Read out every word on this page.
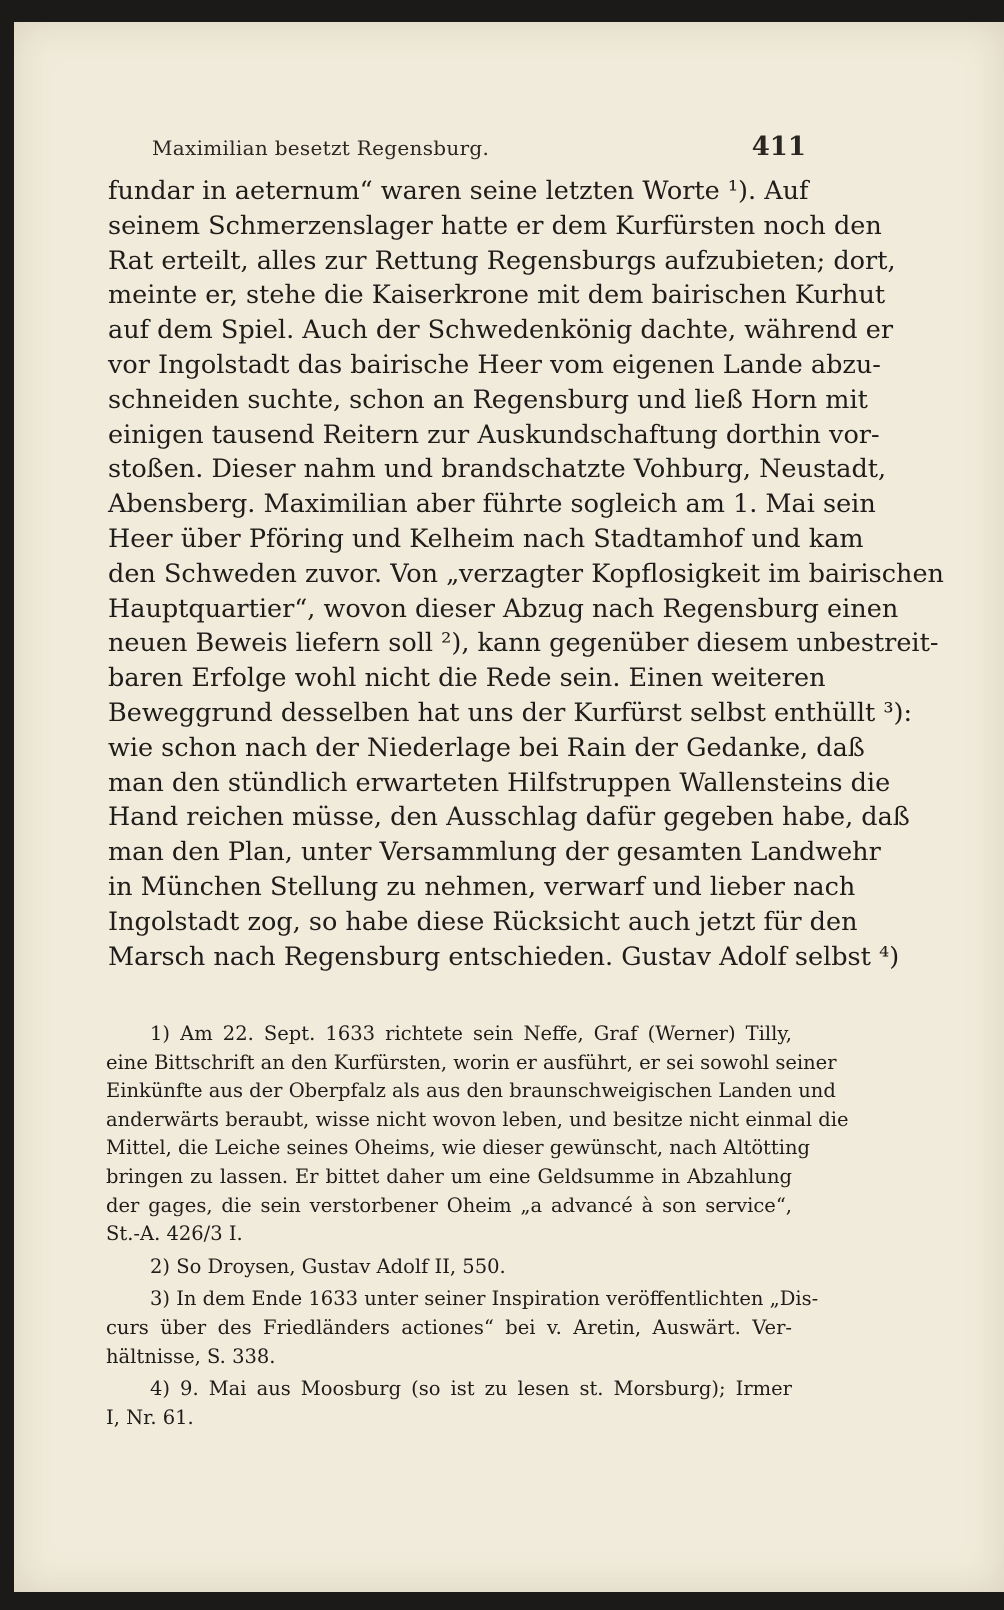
Maximilian besetzt Regensburg.	411
fundar in aeternum“ waren seine letzten Worte ¹). Auf
seinem Schmerzenslager hatte er dem Kurfürsten noch den
Rat erteilt, alles zur Rettung Regensburgs aufzubieten; dort,
meinte er, stehe die Kaiserkrone mit dem bairischen Kurhut
auf dem Spiel. Auch der Schwedenkönig dachte, während er
vor Ingolstadt das bairische Heer vom eigenen Lande abzu-
schneiden suchte, schon an Regensburg und ließ Horn mit
einigen tausend Reitern zur Auskundschaftung dorthin vor-
stoßen. Dieser nahm und brandschatzte Vohburg, Neustadt,
Abensberg. Maximilian aber führte sogleich am 1. Mai sein
Heer über Pföring und Kelheim nach Stadtamhof und kam
den Schweden zuvor. Von „verzagter Kopflosigkeit im bairischen
Hauptquartier“, wovon dieser Abzug nach Regensburg einen
neuen Beweis liefern soll ²), kann gegenüber diesem unbestreit-
baren Erfolge wohl nicht die Rede sein. Einen weiteren
Beweggrund desselben hat uns der Kurfürst selbst enthüllt ³):
wie schon nach der Niederlage bei Rain der Gedanke, daß
man den stündlich erwarteten Hilfstruppen Wallensteins die
Hand reichen müsse, den Ausschlag dafür gegeben habe, daß
man den Plan, unter Versammlung der gesamten Landwehr
in München Stellung zu nehmen, verwarf und lieber nach
Ingolstadt zog, so habe diese Rücksicht auch jetzt für den
Marsch nach Regensburg entschieden. Gustav Adolf selbst ⁴)
1) Am 22. Sept. 1633 richtete sein Neffe, Graf (Werner) Tilly,
eine Bittschrift an den Kurfürsten, worin er ausführt, er sei sowohl seiner
Einkünfte aus der Oberpfalz als aus den braunschweigischen Landen und
anderwärts beraubt, wisse nicht wovon leben, und besitze nicht einmal die
Mittel, die Leiche seines Oheims, wie dieser gewünscht, nach Altötting
bringen zu lassen. Er bittet daher um eine Geldsumme in Abzahlung
der gages, die sein verstorbener Oheim „a advancé à son service“,
St.-A. 426/3 I.
2) So Droysen, Gustav Adolf II, 550.
3) In dem Ende 1633 unter seiner Inspiration veröffentlichten „Dis-
curs über des Friedländers actiones“ bei v. Aretin, Auswärt. Ver-
hältnisse, S. 338.
4) 9. Mai aus Moosburg (so ist zu lesen st. Morsburg); Irmer
I, Nr. 61.
